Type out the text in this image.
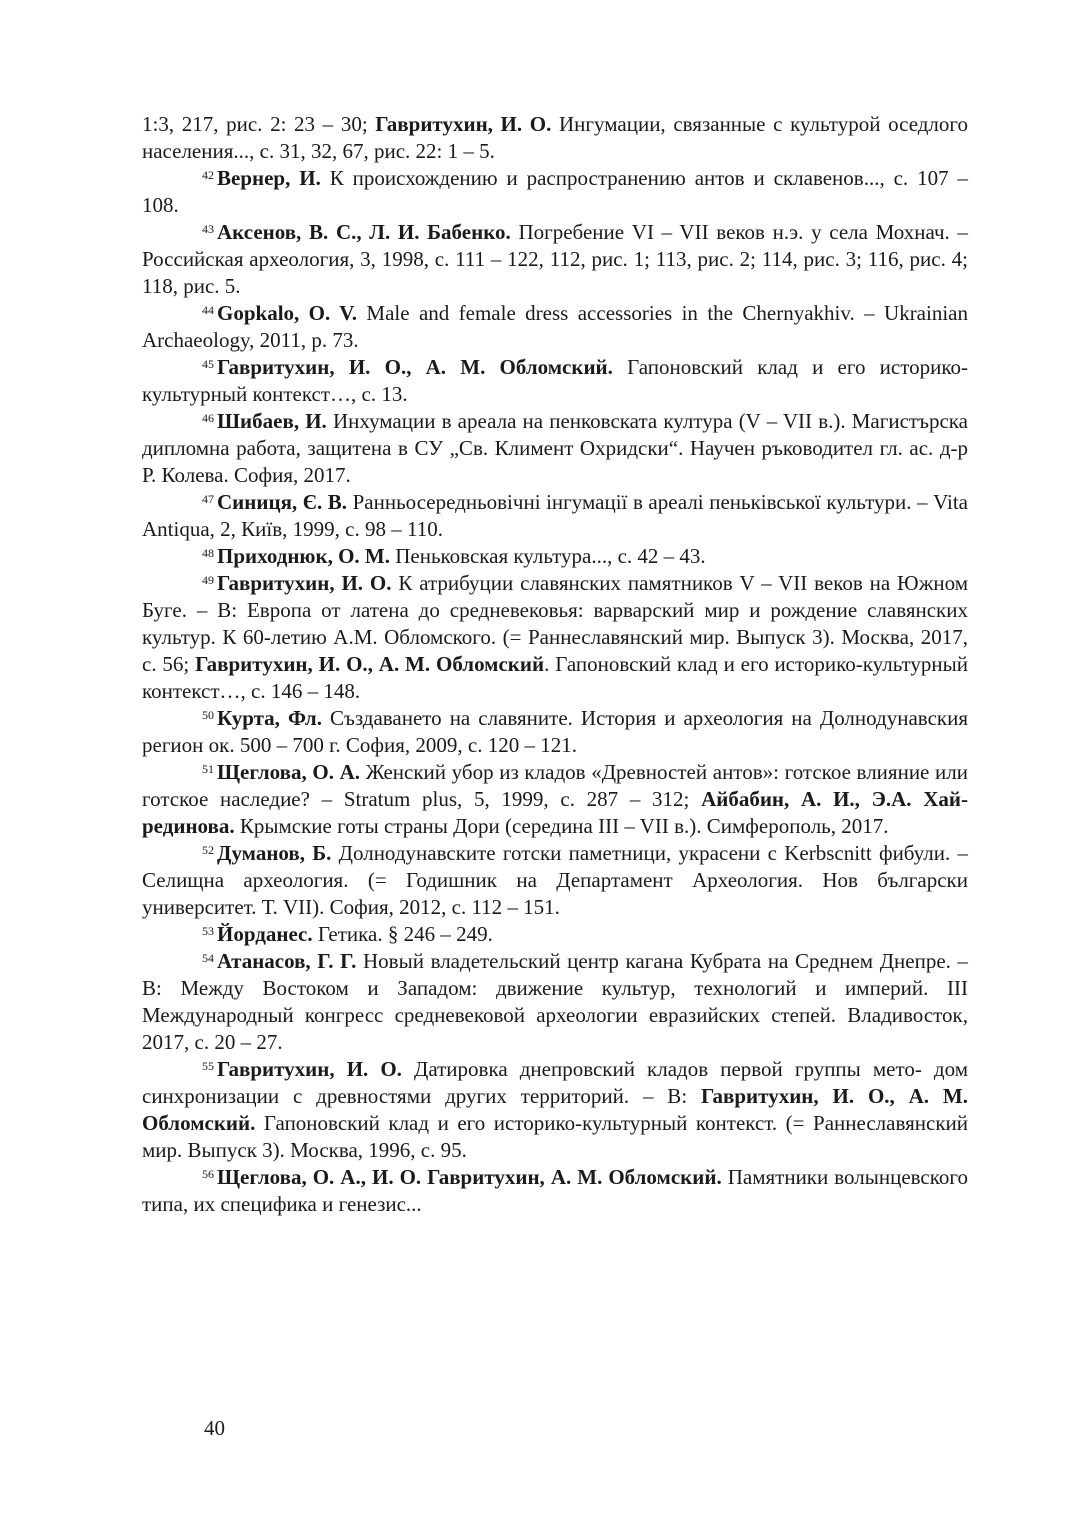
1:3, 217, рис. 2: 23 – 30; Гавритухин, И. О. Ингумации, связанные с культурой оседлого населения..., с. 31, 32, 67, рис. 22: 1 – 5.

$^{42}$ Вернер, И. К происхождению и распространению антов и склавенов..., с. 107 – 108.

$^{43}$ Аксенов, В. С., Л. И. Бабенко. Погребение VI – VII веков н.э. у села Мохнач. – Российская археология, 3, 1998, с. 111 – 122, 112, рис. 1; 113, рис. 2; 114, рис. 3; 116, рис. 4; 118, рис. 5.

$^{44}$ Gopkalo, O. V. Male and female dress accessories in the Chernyakhiv. – Ukrainian Archaeology, 2011, p. 73.

$^{45}$ Гавритухин, И. О., А. М. Обломский. Гапоновский клад и его историко-культурный контекст…, с. 13.

$^{46}$ Шибаев, И. Инхумации в ареала на пенковската култура (V – VII в.). Магистърска дипломна работа, защитена в СУ „Св. Климент Охридски“. Научен ръководител гл. ас. д-р Р. Колева. София, 2017.

$^{47}$ Синиця, Є. В. Ранньосередньовічні інгумації в ареалі пеньківської культури. – Vita Antiqua, 2, Київ, 1999, с. 98 – 110.

$^{48}$ Приходнюк, О. М. Пеньковская культура..., с. 42 – 43.

$^{49}$ Гавритухин, И. О. К атрибуции славянских памятников V – VII веков на Южном Буге. – В: Европа от латена до средневековья: варварский мир и рождение славянских культур. К 60-летию А.М. Обломского. (= Раннеславянский мир. Выпуск 3). Москва, 2017, с. 56; Гавритухин, И. О., А. М. Обломский. Гапоновский клад и его историко-культурный контекст…, с. 146 – 148.

$^{50}$ Курта, Фл. Създаването на славяните. История и археология на Долнодунавския регион ок. 500 – 700 г. София, 2009, с. 120 – 121.

$^{51}$ Щеглова, О. А. Женский убор из кладов «Древностей антов»: готское влияние или готское наследие? – Stratum plus, 5, 1999, с. 287 – 312; Айбабин, А. И., Э.А. Хай- рединова. Крымские готы страны Дори (середина III – VII в.). Симферополь, 2017.

$^{52}$ Думанов, Б. Долнодунавските готски паметници, украсени с Kerbscnitt фибули. – Селищна археология. (= Годишник на Департамент Археология. Нов български университет. Т. VII). София, 2012, с. 112 – 151.

$^{53}$ Йорданес. Гетика. § 246 – 249.

$^{54}$ Атанасов, Г. Г. Новый владетельский центр кагана Кубрата на Среднем Днепре. – В: Между Востоком и Западом: движение культур, технологий и империй. III Международный конгресс средневековой археологии евразийских степей. Владивосток, 2017, с. 20 – 27.

$^{55}$ Гавритухин, И. О. Датировка днепровский кладов первой группы мето- дом синхронизации с древностями других территорий. – В: Гавритухин, И. О., А. М. Обломский. Гапоновский клад и его историко-культурный контекст. (= Раннеславянский мир. Выпуск 3). Москва, 1996, с. 95.

$^{56}$ Щеглова, О. А., И. О. Гавритухин, А. М. Обломский. Памятники волынцевского типа, их специфика и генезис...

40
